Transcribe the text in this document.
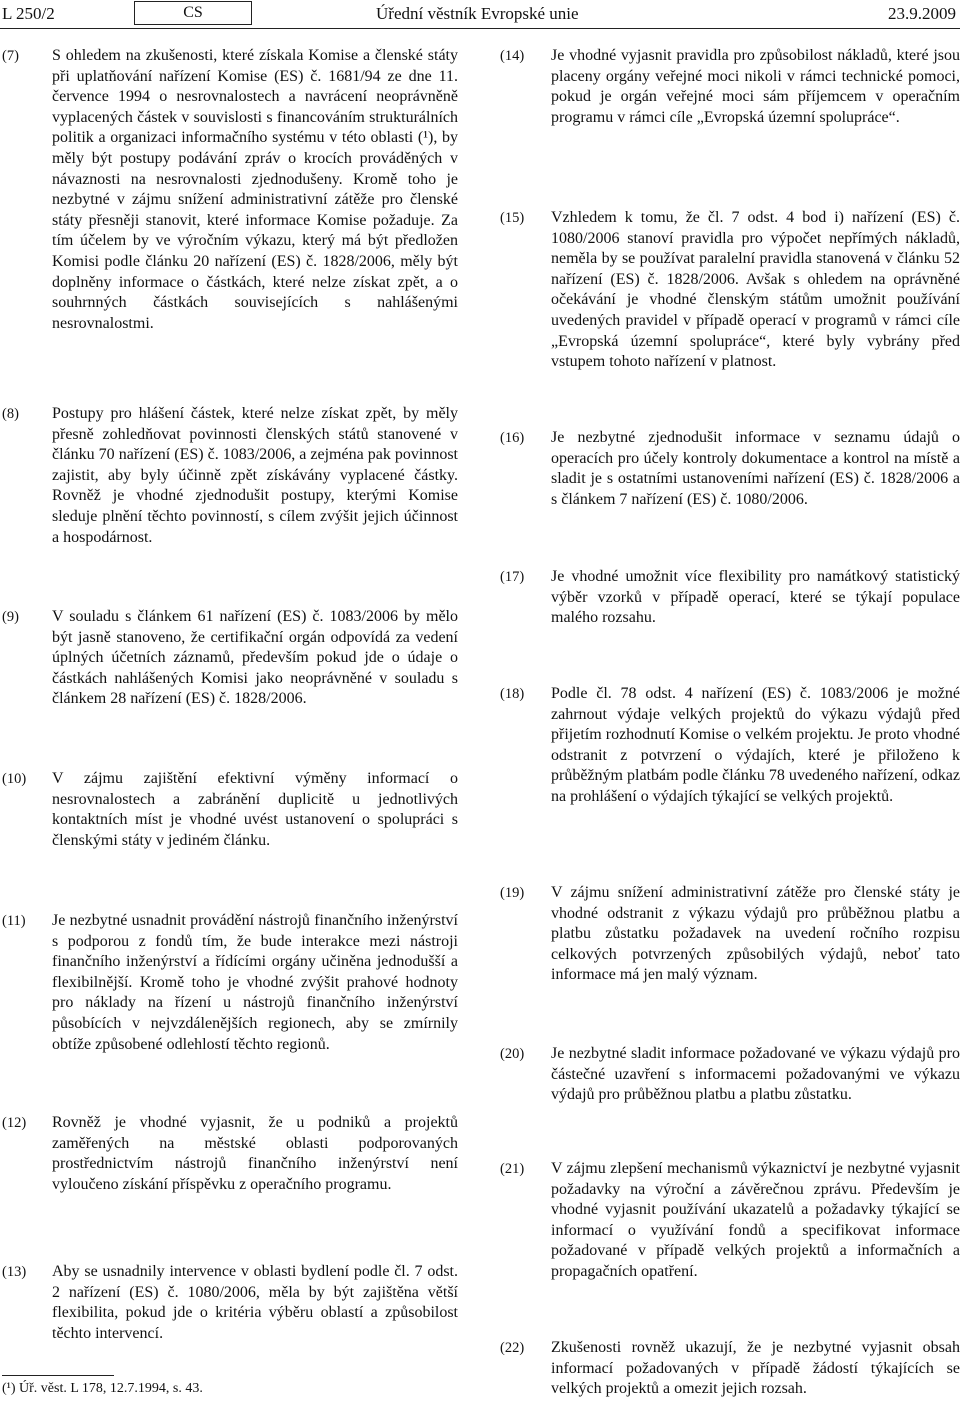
L 250/2	CS	Úřední věstník Evropské unie	23.9.2009
(7) S ohledem na zkušenosti, které získala Komise a členské státy při uplatňování nařízení Komise (ES) č. 1681/94 ze dne 11. července 1994 o nesrovnalostech a navrácení neoprávněně vyplacených částek v souvislosti s financováním strukturálních politik a organizaci informačního systému v této oblasti (¹), by měly být postupy podávání zpráv o krocích prováděných v návaznosti na nesrovnalosti zjednodušeny. Kromě toho je nezbytné v zájmu snížení administrativní zátěže pro členské státy přesněji stanovit, které informace Komise požaduje. Za tím účelem by ve výročním výkazu, který má být předložen Komisi podle článku 20 nařízení (ES) č. 1828/2006, měly být doplněny informace o částkách, které nelze získat zpět, a o souhrnných částkách souvisejících s nahlášenými nesrovnalostmi.
(8) Postupy pro hlášení částek, které nelze získat zpět, by měly přesně zohledňovat povinnosti členských států stanovené v článku 70 nařízení (ES) č. 1083/2006, a zejména pak povinnost zajistit, aby byly účinně zpět získávány vyplacené částky. Rovněž je vhodné zjednodušit postupy, kterými Komise sleduje plnění těchto povinností, s cílem zvýšit jejich účinnost a hospodárnost.
(9) V souladu s článkem 61 nařízení (ES) č. 1083/2006 by mělo být jasně stanoveno, že certifikační orgán odpovídá za vedení úplných účetních záznamů, především pokud jde o údaje o částkách nahlášených Komisi jako neoprávněné v souladu s článkem 28 nařízení (ES) č. 1828/2006.
(10) V zájmu zajištění efektivní výměny informací o nesrovnalostech a zabránění duplicitě u jednotlivých kontaktních míst je vhodné uvést ustanovení o spolupráci s členskými státy v jediném článku.
(11) Je nezbytné usnadnit provádění nástrojů finančního inženýrství s podporou z fondů tím, že bude interakce mezi nástroji finančního inženýrství a řídícími orgány učiněna jednodušší a flexibilnější. Kromě toho je vhodné zvýšit prahové hodnoty pro náklady na řízení u nástrojů finančního inženýrství působících v nejvzdálenějších regionech, aby se zmírnily obtíže způsobené odlehlostí těchto regionů.
(12) Rovněž je vhodné vyjasnit, že u podniků a projektů zaměřených na městské oblasti podporovaných prostřednictvím nástrojů finančního inženýrství není vyloučeno získání příspěvku z operačního programu.
(13) Aby se usnadnily intervence v oblasti bydlení podle čl. 7 odst. 2 nařízení (ES) č. 1080/2006, měla by být zajištěna větší flexibilita, pokud jde o kritéria výběru oblastí a způsobilost těchto intervencí.
(14) Je vhodné vyjasnit pravidla pro způsobilost nákladů, které jsou placeny orgány veřejné moci nikoli v rámci technické pomoci, pokud je orgán veřejné moci sám příjemcem v operačním programu v rámci cíle „Evropská územní spolupráce“.
(15) Vzhledem k tomu, že čl. 7 odst. 4 bod i) nařízení (ES) č. 1080/2006 stanoví pravidla pro výpočet nepřímých nákladů, neměla by se používat paralelní pravidla stanovená v článku 52 nařízení (ES) č. 1828/2006. Avšak s ohledem na oprávněné očekávání je vhodné členským státům umožnit používání uvedených pravidel v případě operací v programů v rámci cíle „Evropská územní spolupráce“, které byly vybrány před vstupem tohoto nařízení v platnost.
(16) Je nezbytné zjednodušit informace v seznamu údajů o operacích pro účely kontroly dokumentace a kontrol na místě a sladit je s ostatními ustanoveními nařízení (ES) č. 1828/2006 a s článkem 7 nařízení (ES) č. 1080/2006.
(17) Je vhodné umožnit více flexibility pro namátkový statistický výběr vzorků v případě operací, které se týkají populace malého rozsahu.
(18) Podle čl. 78 odst. 4 nařízení (ES) č. 1083/2006 je možné zahrnout výdaje velkých projektů do výkazu výdajů před přijetím rozhodnutí Komise o velkém projektu. Je proto vhodné odstranit z potvrzení o výdajích, které je přiloženo k průběžným platbám podle článku 78 uvedeného nařízení, odkaz na prohlášení o výdajích týkající se velkých projektů.
(19) V zájmu snížení administrativní zátěže pro členské státy je vhodné odstranit z výkazu výdajů pro průběžnou platbu a platbu zůstatku požadavek na uvedení ročního rozpisu celkových potvrzených způsobilých výdajů, neboť tato informace má jen malý význam.
(20) Je nezbytné sladit informace požadované ve výkazu výdajů pro částečné uzavření s informacemi požadovanými ve výkazu výdajů pro průběžnou platbu a platbu zůstatku.
(21) V zájmu zlepšení mechanismů výkaznictví je nezbytné vyjasnit požadavky na výroční a závěrečnou zprávu. Především je vhodné vyjasnit používání ukazatelů a požadavky týkající se informací o využívání fondů a specifikovat informace požadované v případě velkých projektů a informačních a propagačních opatření.
(22) Zkušenosti rovněž ukazují, že je nezbytné vyjasnit obsah informací požadovaných v případě žádostí týkajících se velkých projektů a omezit jejich rozsah.
(¹) Úř. věst. L 178, 12.7.1994, s. 43.
